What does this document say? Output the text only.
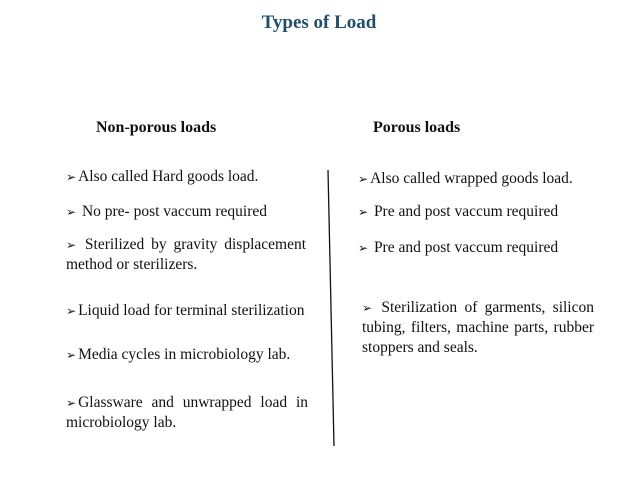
Types of Load
Non-porous loads	Porous loads
➢ Also called Hard goods load.
➢ No pre- post vaccum required
➢ Sterilized by gravity displacement method or sterilizers.
➢ Liquid load for terminal sterilization
➢ Media cycles in microbiology lab.
➢ Glassware and unwrapped load in microbiology lab.
➢ Also called wrapped goods load.
➢ Pre and post vaccum required
➢ Pre and post vaccum required
➢ Sterilization of garments, silicon tubing, filters, machine parts, rubber stoppers and seals.
